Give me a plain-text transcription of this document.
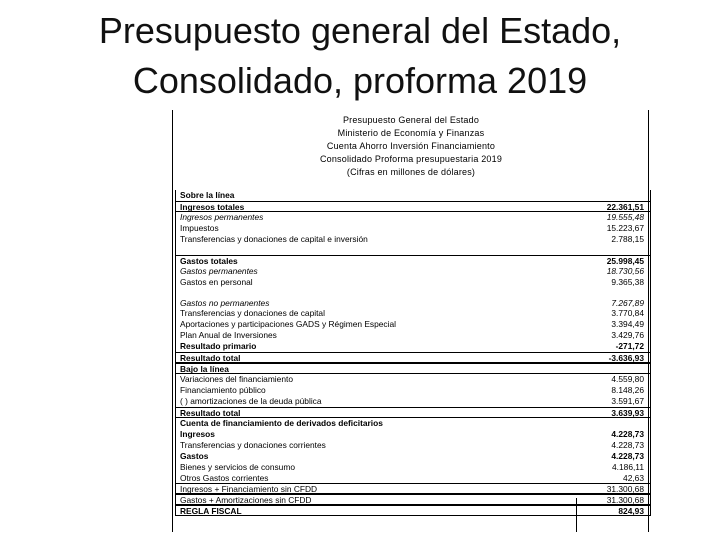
Presupuesto general del Estado,
Consolidado, proforma 2019
Presupuesto General del Estado
Ministerio de Economía y Finanzas
Cuenta Ahorro Inversión Financiamiento
Consolidado Proforma presupuestaria 2019
(Cifras en millones de dólares)
Sobre la línea
Ingresos totales	22.361,51
Ingresos permanentes	19.555,48
Impuestos	15.223,67
Transferencias y donaciones de capital e inversión	2.788,15
Gastos totales	25.998,45
Gastos permanentes	18.730,56
Gastos en personal	9.365,38
Gastos no permanentes	7.267,89
Transferencias y donaciones de capital	3.770,84
Aportaciones y participaciones GADS y Régimen Especial	3.394,49
Plan Anual de Inversiones	3.429,76
Resultado primario	-271,72
Resultado total	-3.636,93
Bajo la línea
Variaciones del financiamiento	4.559,80
Financiamiento público	8.148,26
( ) amortizaciones de la deuda pública	3.591,67
Resultado total	3.639,93
Cuenta de financiamiento de derivados deficitarios
Ingresos	4.228,73
Transferencias y donaciones corrientes	4.228,73
Gastos	4.228,73
Bienes y servicios de consumo	4.186,11
Otros Gastos corrientes	42,63
Ingresos + Financiamiento sin CFDD	31.300,68
Gastos + Amortizaciones sin CFDD	31.300,68
REGLA FISCAL	824,93
